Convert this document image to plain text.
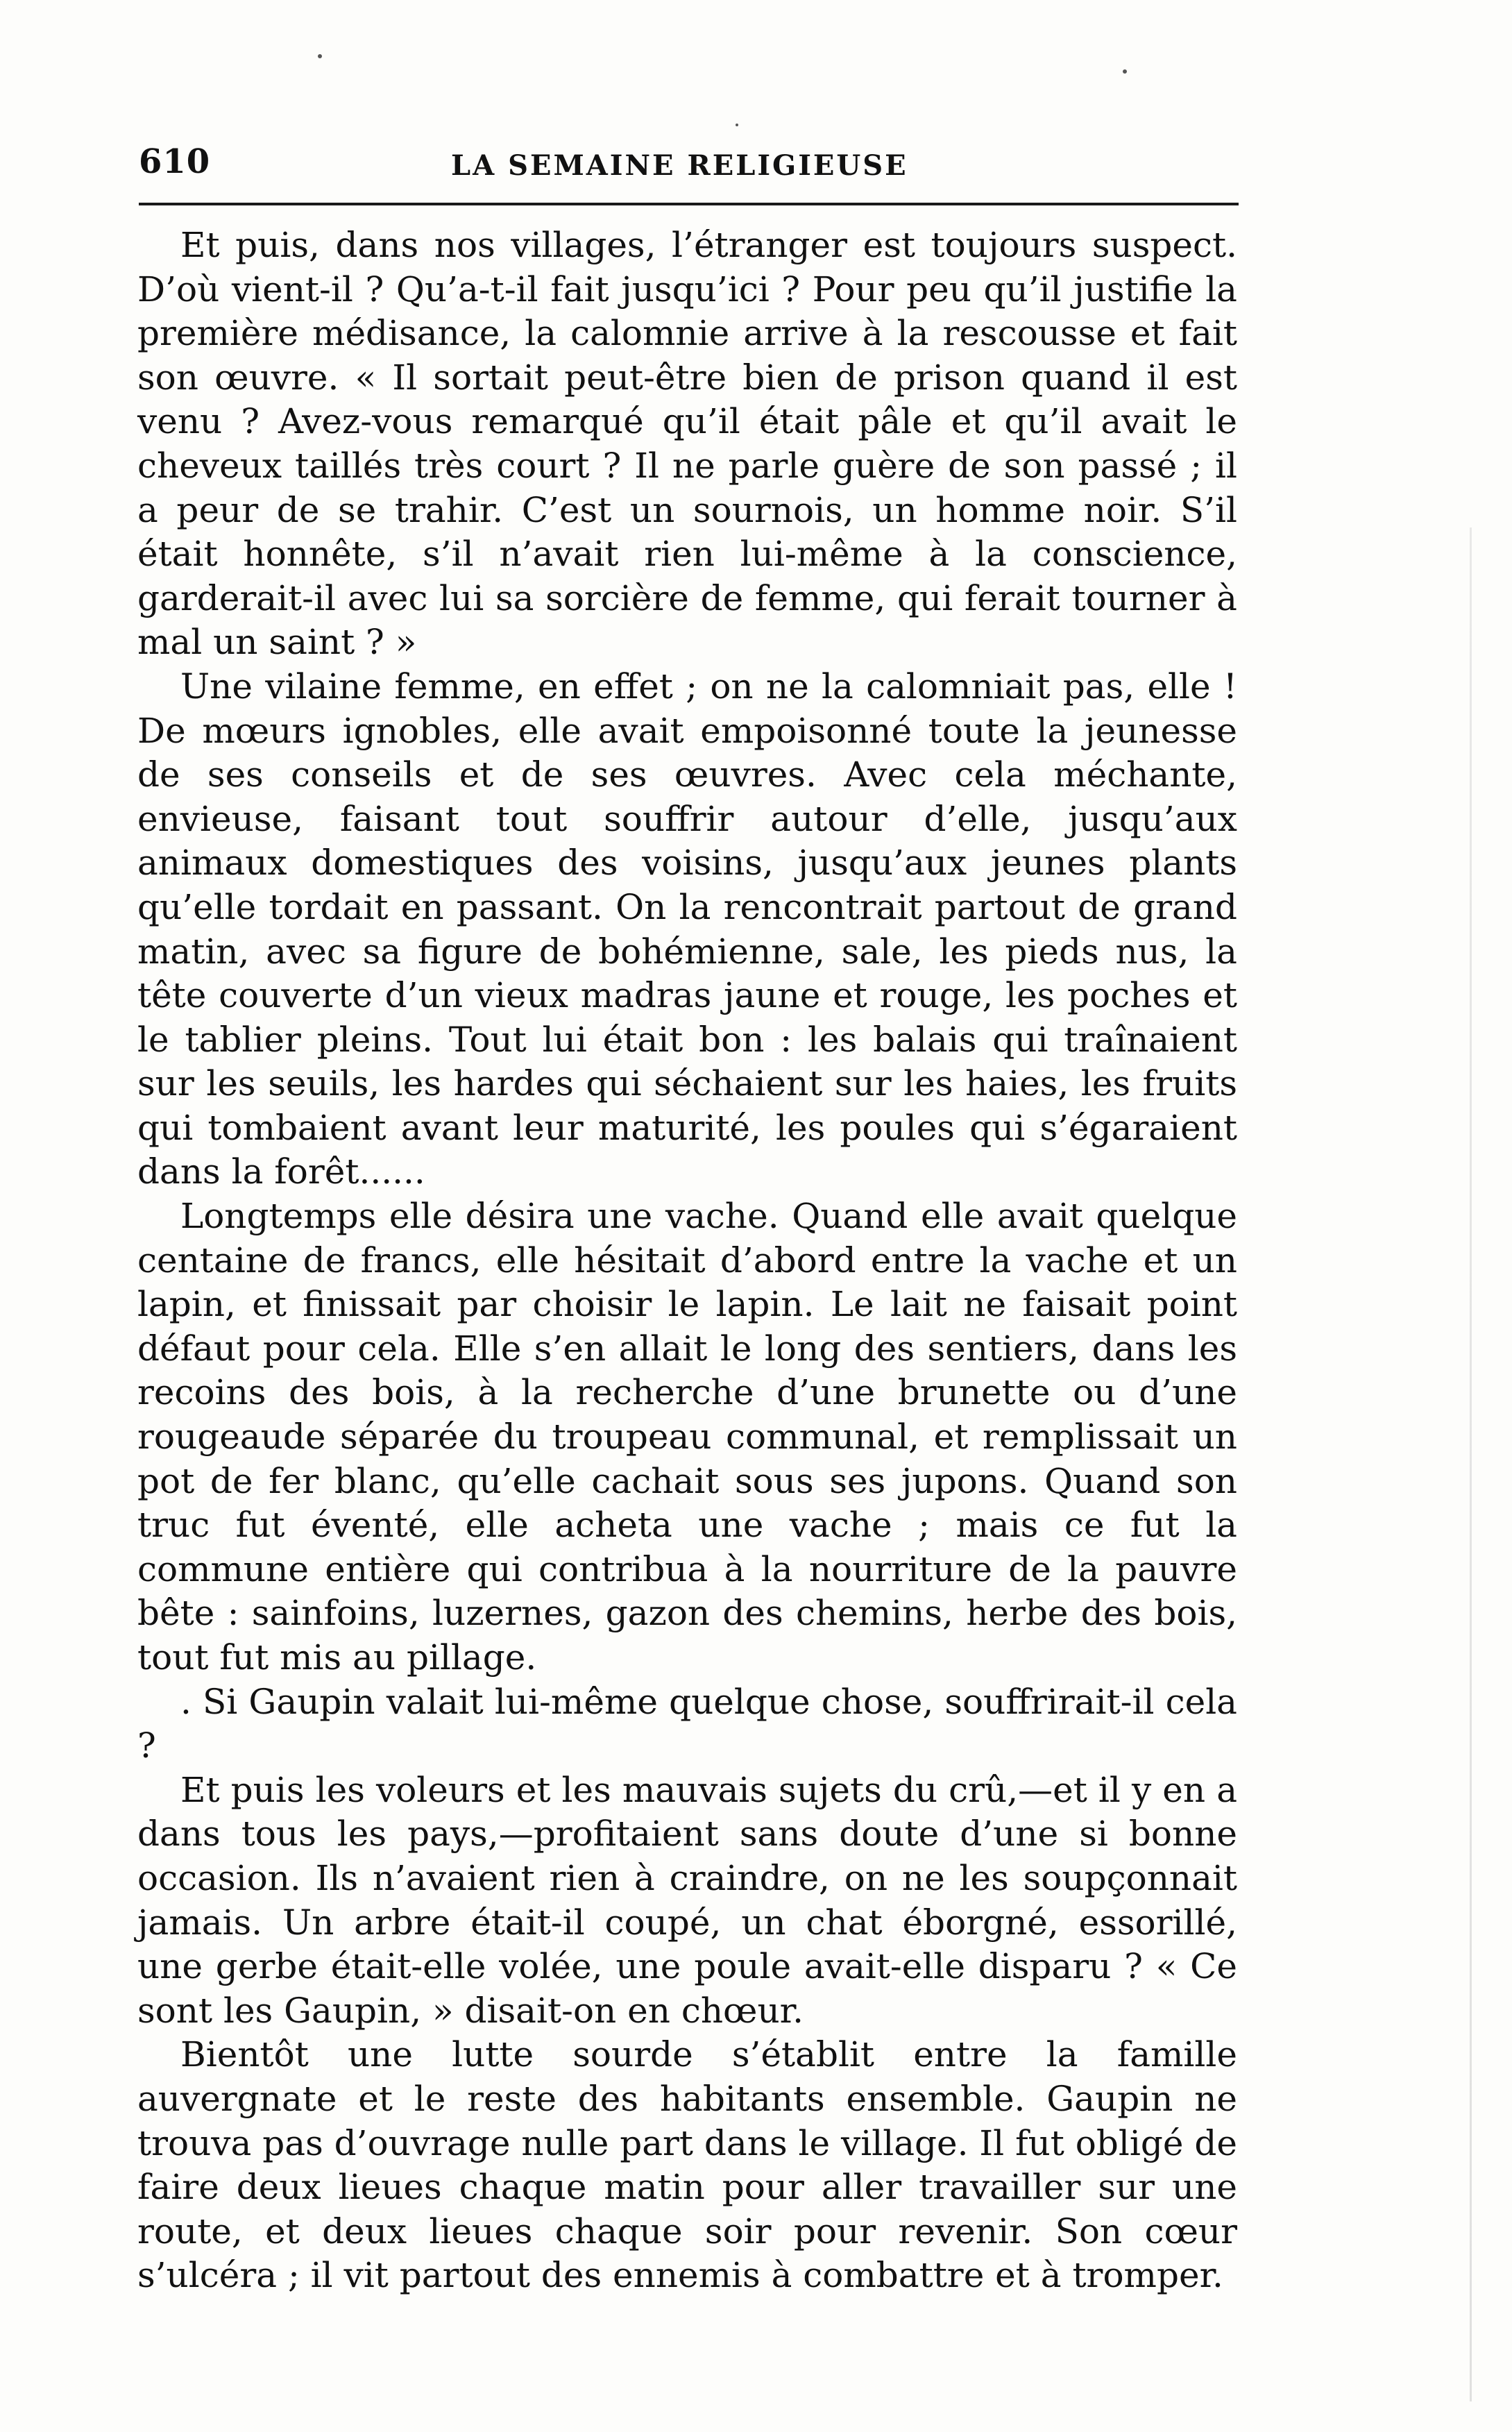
610	LA SEMAINE RELIGIEUSE

Et puis, dans nos villages, l’étranger est toujours suspect. D’où vient-il ? Qu’a-t-il fait jusqu’ici ? Pour peu qu’il justifie la première médisance, la calomnie arrive à la rescousse et fait son œuvre. « Il sortait peut-être bien de prison quand il est venu ? Avez-vous remarqué qu’il était pâle et qu’il avait le cheveux taillés très court ? Il ne parle guère de son passé ; il a peur de se trahir. C’est un sournois, un homme noir. S’il était honnête, s’il n’avait rien lui-même à la conscience, garderait-il avec lui sa sorcière de femme, qui ferait tourner à mal un saint ? »

Une vilaine femme, en effet ; on ne la calomniait pas, elle ! De mœurs ignobles, elle avait empoisonné toute la jeunesse de ses conseils et de ses œuvres. Avec cela méchante, envieuse, faisant tout souffrir autour d’elle, jusqu’aux animaux domestiques des voisins, jusqu’aux jeunes plants qu’elle tordait en passant. On la rencontrait partout de grand matin, avec sa figure de bohémienne, sale, les pieds nus, la tête couverte d’un vieux madras jaune et rouge, les poches et le tablier pleins. Tout lui était bon : les balais qui traînaient sur les seuils, les hardes qui séchaient sur les haies, les fruits qui tombaient avant leur maturité, les poules qui s’égaraient dans la forêt......

Longtemps elle désira une vache. Quand elle avait quelque centaine de francs, elle hésitait d’abord entre la vache et un lapin, et finissait par choisir le lapin. Le lait ne faisait point défaut pour cela. Elle s’en allait le long des sentiers, dans les recoins des bois, à la recherche d’une brunette ou d’une rougeaude séparée du troupeau communal, et remplissait un pot de fer blanc, qu’elle cachait sous ses jupons. Quand son truc fut éventé, elle acheta une vache ; mais ce fut la commune entière qui contribua à la nourriture de la pauvre bête : sainfoins, luzernes, gazon des chemins, herbe des bois, tout fut mis au pillage.

. Si Gaupin valait lui-même quelque chose, souffrirait-il cela ?

Et puis les voleurs et les mauvais sujets du crû,—et il y en a dans tous les pays,—profitaient sans doute d’une si bonne occasion. Ils n’avaient rien à craindre, on ne les soupçonnait jamais. Un arbre était-il coupé, un chat éborgné, essorillé, une gerbe était-elle volée, une poule avait-elle disparu ? « Ce sont les Gaupin, » disait-on en chœur.

Bientôt une lutte sourde s’établit entre la famille auvergnate et le reste des habitants ensemble. Gaupin ne trouva pas d’ouvrage nulle part dans le village. Il fut obligé de faire deux lieues chaque matin pour aller travailler sur une route, et deux lieues chaque soir pour revenir. Son cœur s’ulcéra ; il vit partout des ennemis à combattre et à tromper.
